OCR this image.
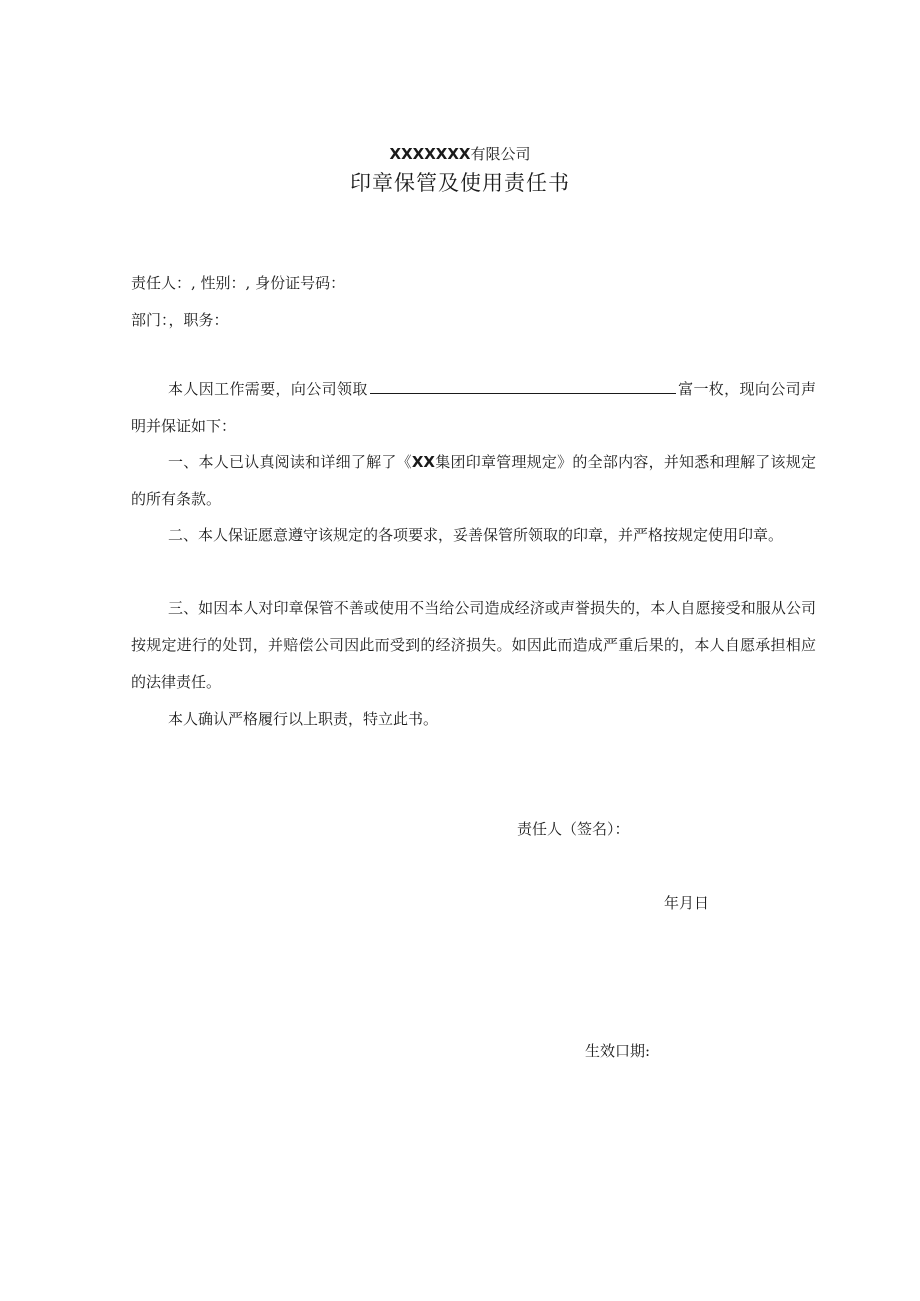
XXXXXXX有限公司
印章保管及使用责任书
责任人：, 性别：, 身份证号码：
部门：，职务：

本人因工作需要，向公司领取	富一枚，现向公司声明并保证如下：

一、本人已认真阅读和详细了解了《XX集团印章管理规定》的全部内容，并知悉和理解了该规定的所有条款。

二、本人保证愿意遵守该规定的各项要求，妥善保管所领取的印章，并严格按规定使用印章。

三、如因本人对印章保管不善或使用不当给公司造成经济或声誉损失的，本人自愿接受和服从公司按规定进行的处罚，并赔偿公司因此而受到的经济损失。如因此而造成严重后果的，本人自愿承担相应的法律责任。

本人确认严格履行以上职责，特立此书。

责任人（签名）：
年月日
生效口期:
